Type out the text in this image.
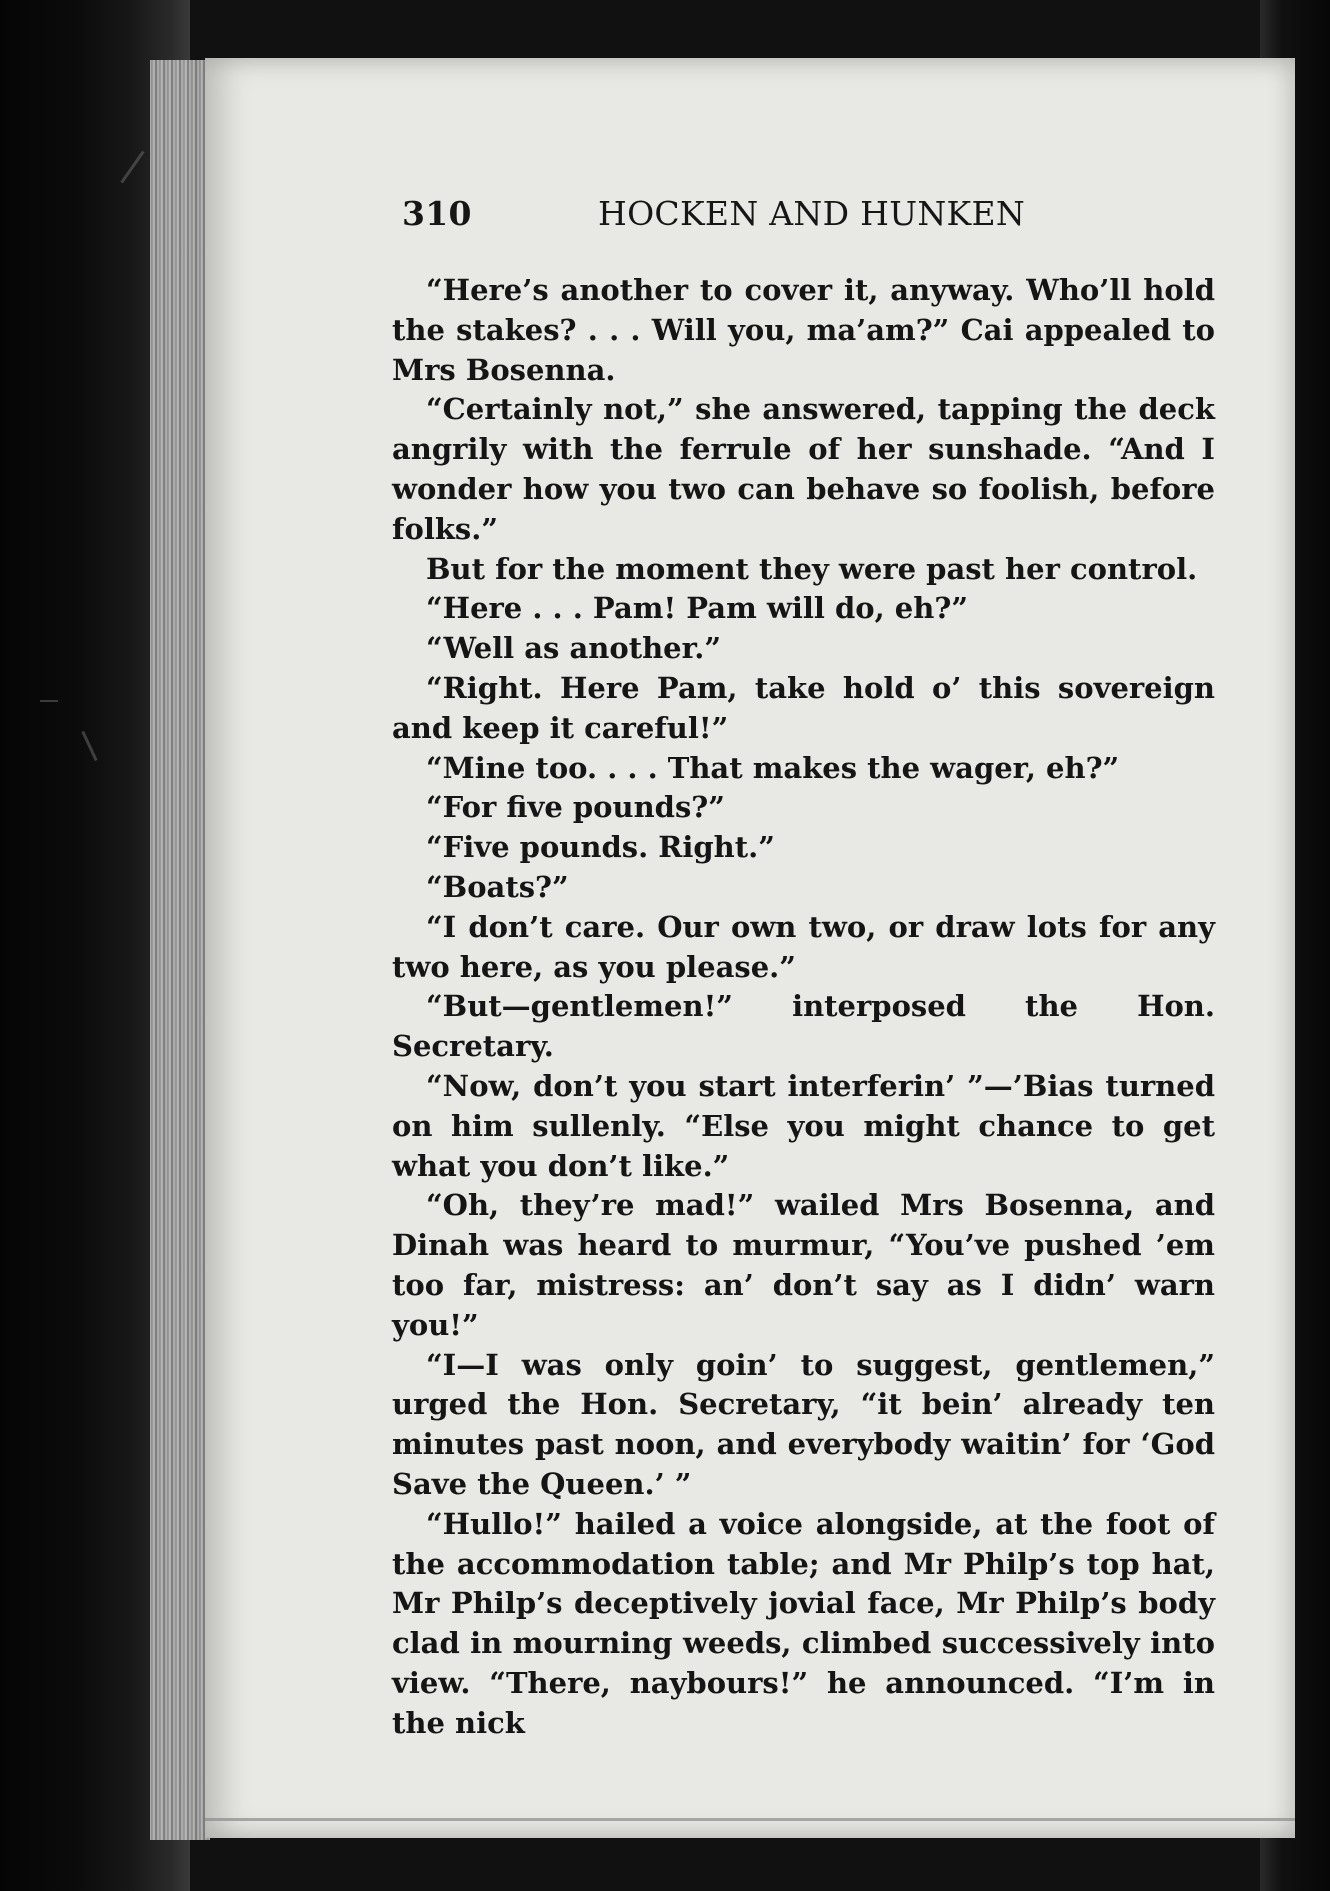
310	HOCKEN AND HUNKEN

“Here’s another to cover it, anyway. Who’ll hold the stakes? . . . Will you, ma’am?” Cai appealed to Mrs Bosenna.

“Certainly not,” she answered, tapping the deck angrily with the ferrule of her sunshade. “And I wonder how you two can behave so foolish, before folks.”

But for the moment they were past her control.

“Here . . . Pam! Pam will do, eh?”

“Well as another.”

“Right. Here Pam, take hold o’ this sovereign and keep it careful!”

“Mine too. . . . That makes the wager, eh?”

“For five pounds?”

“Five pounds. Right.”

“Boats?”

“I don’t care. Our own two, or draw lots for any two here, as you please.”

“But—gentlemen!” interposed the Hon. Secretary.

“Now, don’t you start interferin’ ”—’Bias turned on him sullenly. “Else you might chance to get what you don’t like.”

“Oh, they’re mad!” wailed Mrs Bosenna, and Dinah was heard to murmur, “You’ve pushed ’em too far, mistress: an’ don’t say as I didn’ warn you!”

“I—I was only goin’ to suggest, gentlemen,” urged the Hon. Secretary, “it bein’ already ten minutes past noon, and everybody waitin’ for ‘God Save the Queen.’ ”

“Hullo!” hailed a voice alongside, at the foot of the accommodation table; and Mr Philp’s top hat, Mr Philp’s deceptively jovial face, Mr Philp’s body clad in mourning weeds, climbed successively into view. “There, naybours!” he announced. “I’m in the nick
